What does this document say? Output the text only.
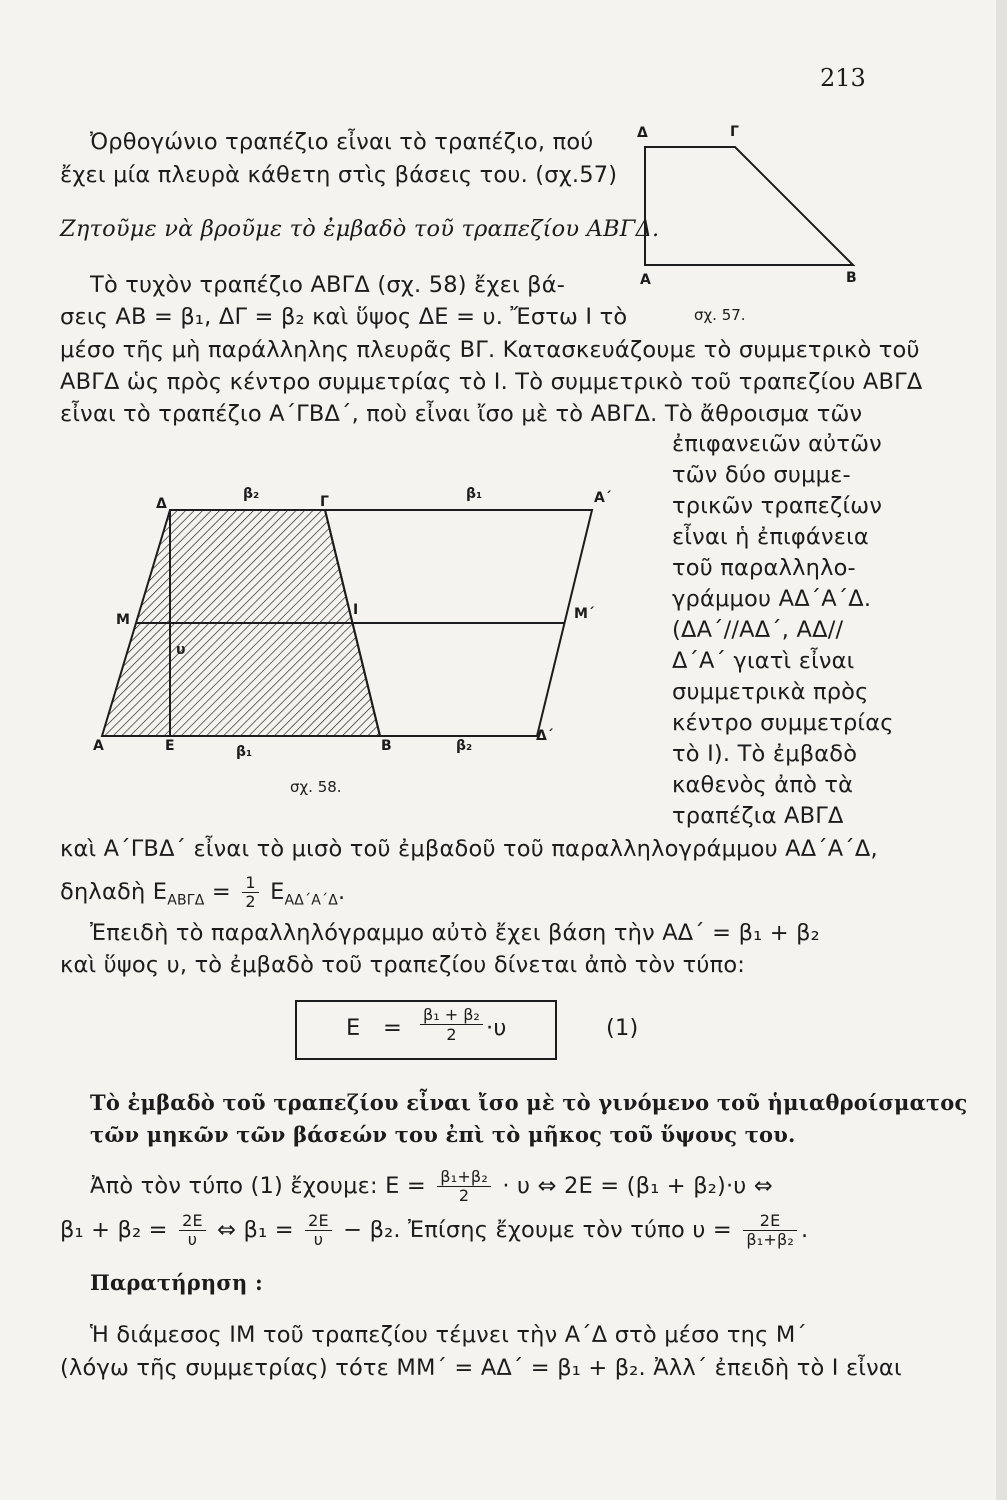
213
Ὀρθογώνιο τραπέζιο εἶναι τὸ τραπέζιο, πού
ἔχει μία πλευρὰ κάθετη στὶς βάσεις του. (σχ.57)
Ζητοῦμε νὰ βροῦμε τὸ ἐμβαδὸ τοῦ τραπεζίου ΑΒΓΔ.
Δ	Γ
Α	Β
σχ. 57.
Τὸ τυχὸν τραπέζιο ΑΒΓΔ (σχ. 58) ἔχει βά-
σεις ΑΒ = β₁, ΔΓ = β₂ καὶ ὕψος ΔΕ = υ. Ἔστω Ι τὸ
μέσο τῆς μὴ παράλληλης πλευρᾶς ΒΓ. Κατασκευάζουμε τὸ συμμετρικὸ τοῦ
ΑΒΓΔ ὡς πρὸς κέντρο συμμετρίας τὸ Ι. Τὸ συμμετρικὸ τοῦ τραπεζίου ΑΒΓΔ
εἶναι τὸ τραπέζιο Α΄ΓΒΔ΄, ποὺ εἶναι ἴσο μὲ τὸ ΑΒΓΔ. Τὸ ἄθροισμα τῶν
ἐπιφανειῶν αὐτῶν
τῶν δύο συμμε-
τρικῶν τραπεζίων
εἶναι ἡ ἐπιφάνεια
τοῦ παραλληλο-
γράμμου ΑΔ΄Α΄Δ.
(ΔΑ΄//ΑΔ΄, ΑΔ//
Δ΄Α΄ γιατὶ εἶναι
συμμετρικὰ πρὸς
κέντρο συμμετρίας
τὸ Ι). Τὸ ἐμβαδὸ
καθενὸς ἀπὸ τὰ
τραπέζια ΑΒΓΔ
Δ
β₂	Γ	β₁	Α΄
Μ
Ι	Μ΄
υ
Α	Ε	β₁	Β	β₂
Δ΄
σχ. 58.
καὶ Α΄ΓΒΔ΄ εἶναι τὸ μισὸ τοῦ ἐμβαδοῦ τοῦ παραλληλογράμμου ΑΔ΄Α΄Δ,
δηλαδὴ $E_{AB\Gamma\Delta} = \frac{1}{2} E_{A\Delta΄A΄\Delta}$.
Ἐπειδὴ τὸ παραλληλόγραμμο αὐτὸ ἔχει βάση τὴν ΑΔ΄ = β₁ + β₂
καὶ ὕψος υ, τὸ ἐμβαδὸ τοῦ τραπεζίου δίνεται ἀπὸ τὸν τύπο:
Ε =
β₁ + β₂
2	·υ	(1)
Τὸ ἐμβαδὸ τοῦ τραπεζίου εἶναι ἴσο μὲ τὸ γινόμενο τοῦ ἡμιαθροίσματος
τῶν μηκῶν τῶν βάσεών του ἐπὶ τὸ μῆκος τοῦ ὕψους του.
Ἀπὸ τὸν τύπο (1) ἔχουμε: $E = \frac{\text{β₁+β₂}}{2} \cdot \upsilon$ ⇔ 2Ε = (β₁ + β₂)·υ ⇔
$\beta_1 + \beta_2 = \frac{2E}{\upsilon}$ ⇔ $\beta_1 = \frac{2E}{\upsilon} - \beta_2$. Ἐπίσης ἔχουμε τὸν τύπο $\upsilon = \frac{2E}{\text{β₁+β₂}}$ .
Παρατήρηση :
Ἡ διάμεσος ΙΜ τοῦ τραπεζίου τέμνει τὴν Α΄Δ στὸ μέσο της Μ΄
(λόγω τῆς συμμετρίας) τότε ΜΜ΄ = ΑΔ΄ = β₁ + β₂. Ἀλλ΄ ἐπειδὴ τὸ Ι εἶναι
